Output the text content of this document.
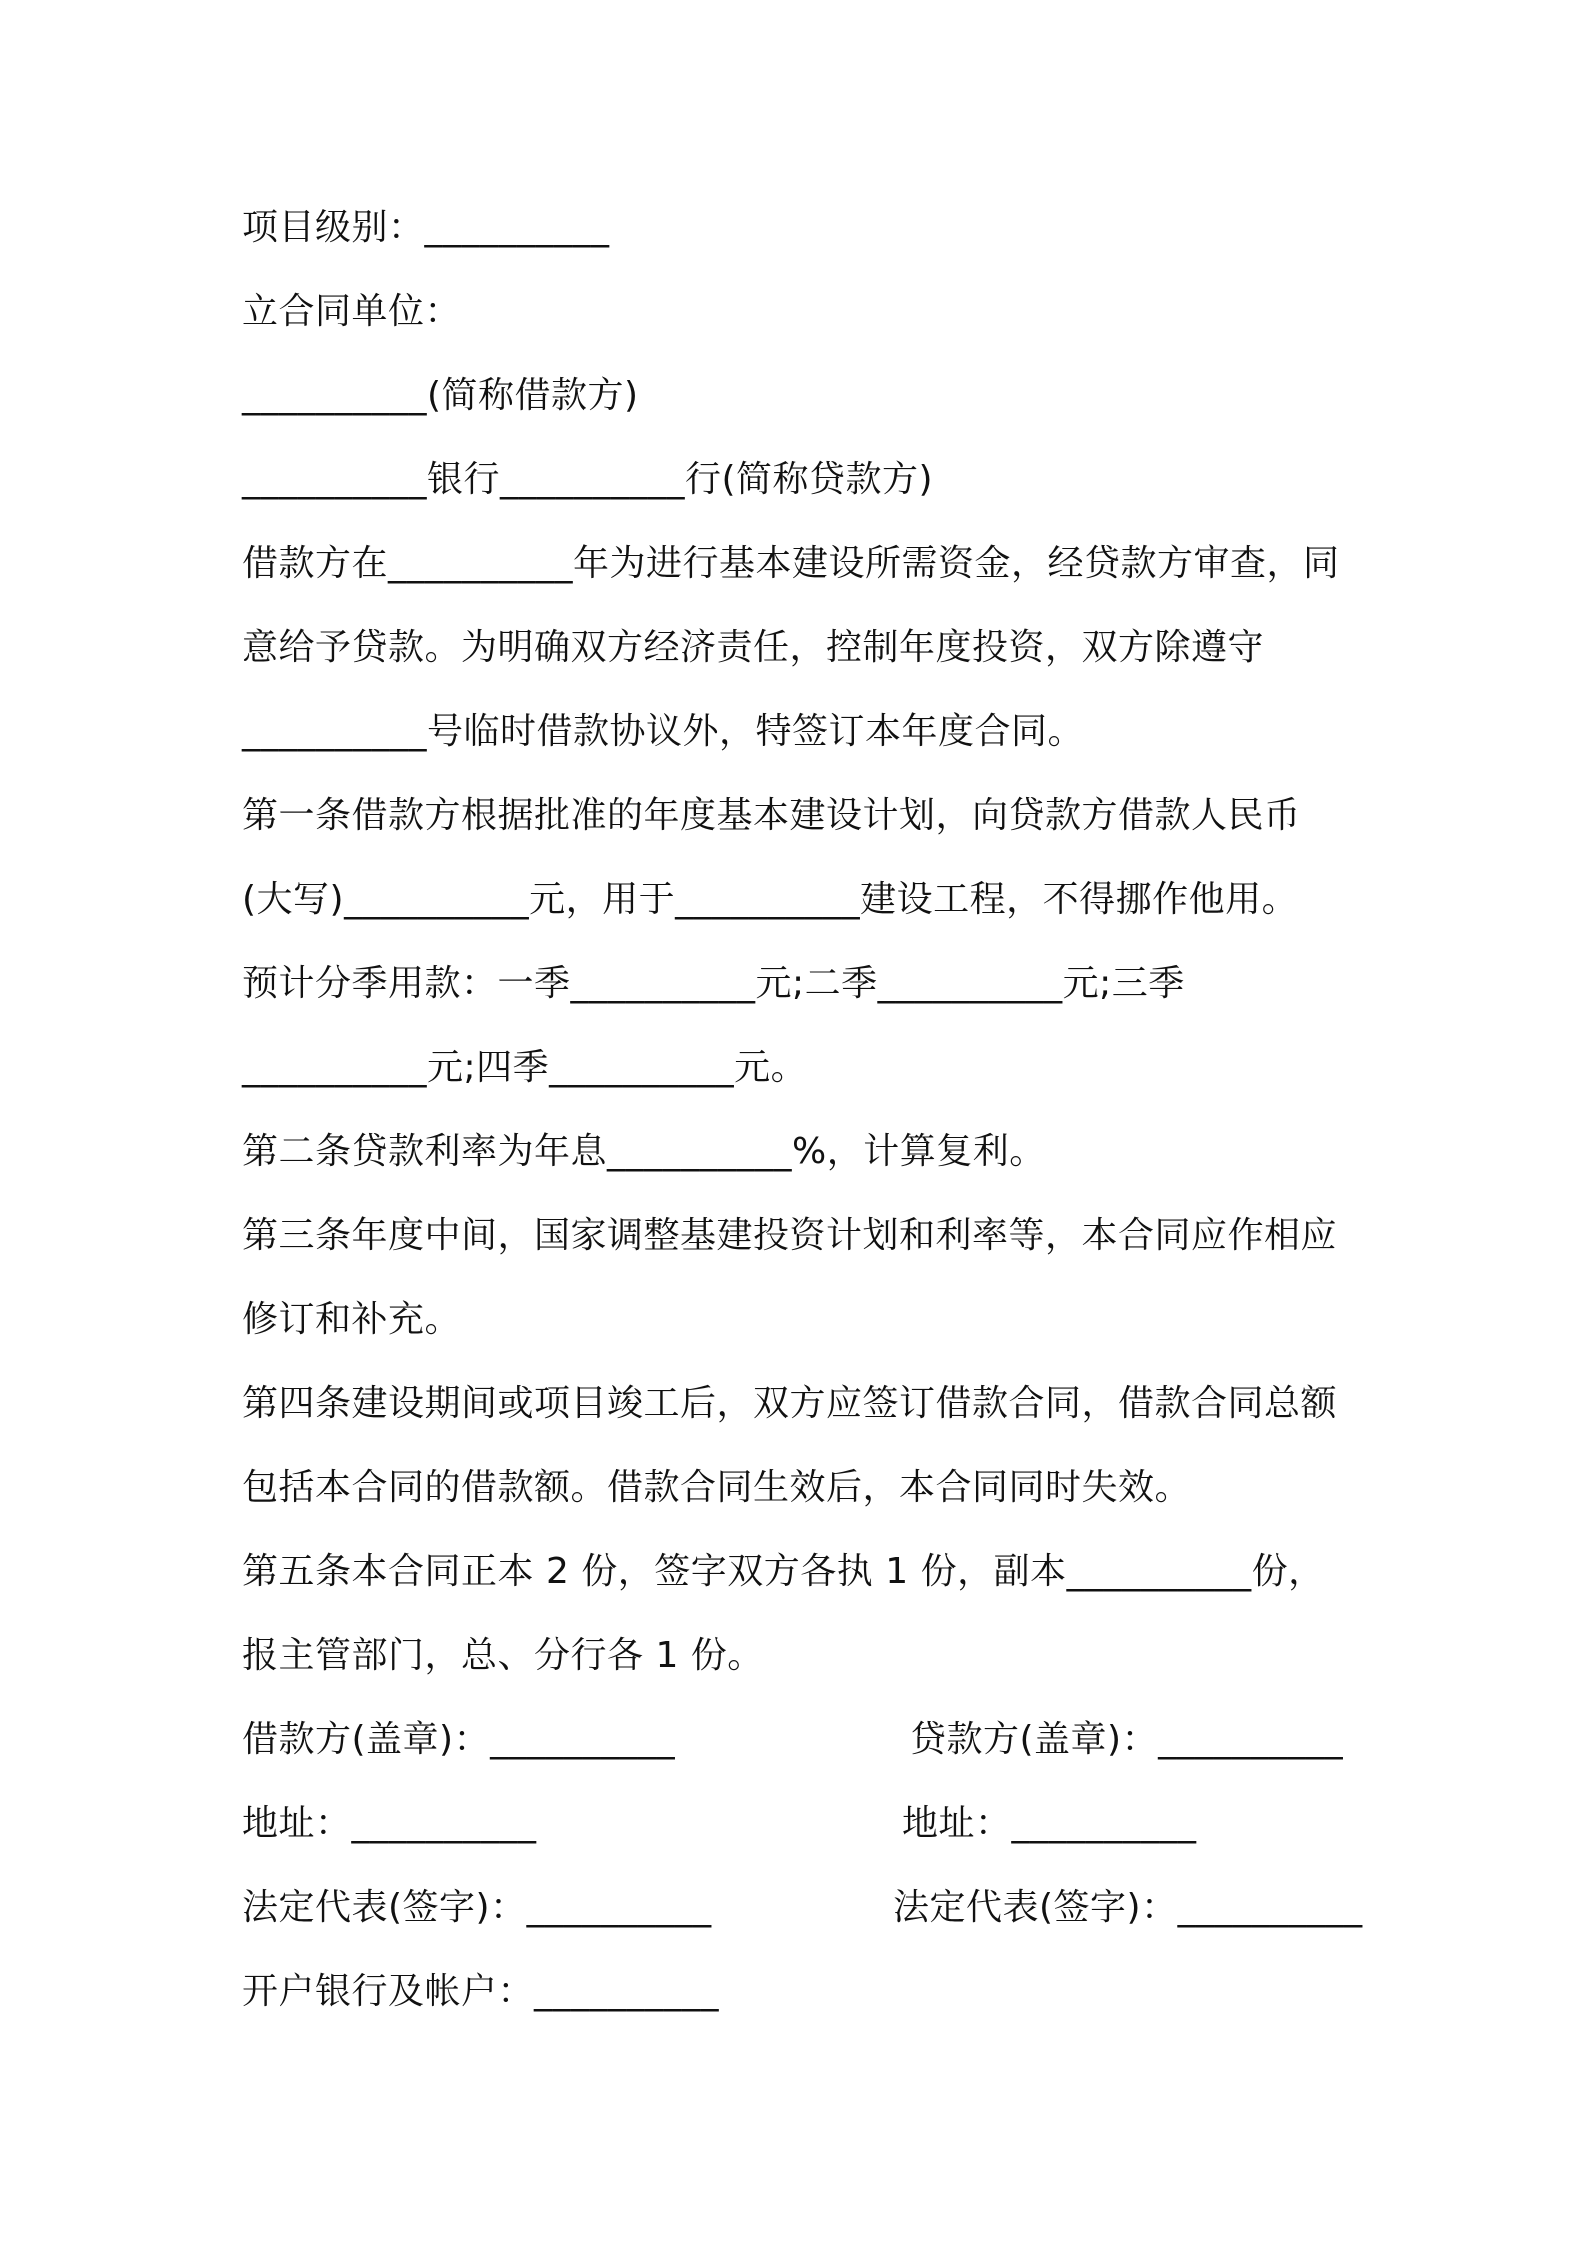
项目级别：__________
立合同单位：
__________(简称借款方)
__________银行__________行(简称贷款方)
借款方在__________年为进行基本建设所需资金，经贷款方审查，同
意给予贷款。为明确双方经济责任，控制年度投资，双方除遵守
__________号临时借款协议外，特签订本年度合同。
第一条借款方根据批准的年度基本建设计划，向贷款方借款人民币
(大写)__________元，用于__________建设工程，不得挪作他用。
预计分季用款：一季__________元;二季__________元;三季
__________元;四季__________元。
第二条贷款利率为年息__________%，计算复利。
第三条年度中间，国家调整基建投资计划和利率等，本合同应作相应
修订和补充。
第四条建设期间或项目竣工后，双方应签订借款合同，借款合同总额
包括本合同的借款额。借款合同生效后，本合同同时失效。
第五条本合同正本 2 份，签字双方各执 1 份，副本__________份，
报主管部门，总、分行各 1 份。
借款方(盖章)：__________	贷款方(盖章)：__________
地址：__________	地址：__________
法定代表(签字)：__________	法定代表(签字)：__________
开户银行及帐户：__________
